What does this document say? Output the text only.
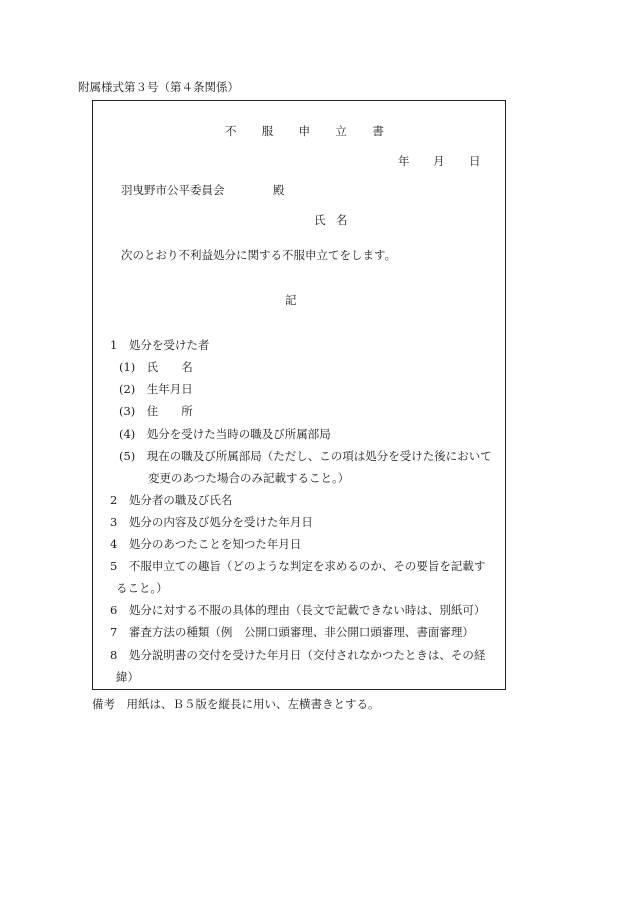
附属様式第３号（第４条関係）
不服申立書
年 月 日
羽曳野市公平委員会	殿
氏名
次のとおり不利益処分に関する不服申立てをします。
記
1　処分を受けた者
(1)　氏　　名
(2)　生年月日
(3)　住　　所
(4)　処分を受けた当時の職及び所属部局
(5)　現在の職及び所属部局（ただし、この項は処分を受けた後において
変更のあつた場合のみ記載すること。）
2　処分者の職及び氏名
3　処分の内容及び処分を受けた年月日
4　処分のあつたことを知つた年月日
5　不服申立ての趣旨（どのような判定を求めるのか、その要旨を記載す
ること。）
6　処分に対する不服の具体的理由（長文で記載できない時は、別紙可）
7　審査方法の種類（例　公開口頭審理、非公開口頭審理、書面審理）
8　処分説明書の交付を受けた年月日（交付されなかつたときは、その経
緯）
備考　用紙は、Ｂ５版を縦長に用い、左横書きとする。
